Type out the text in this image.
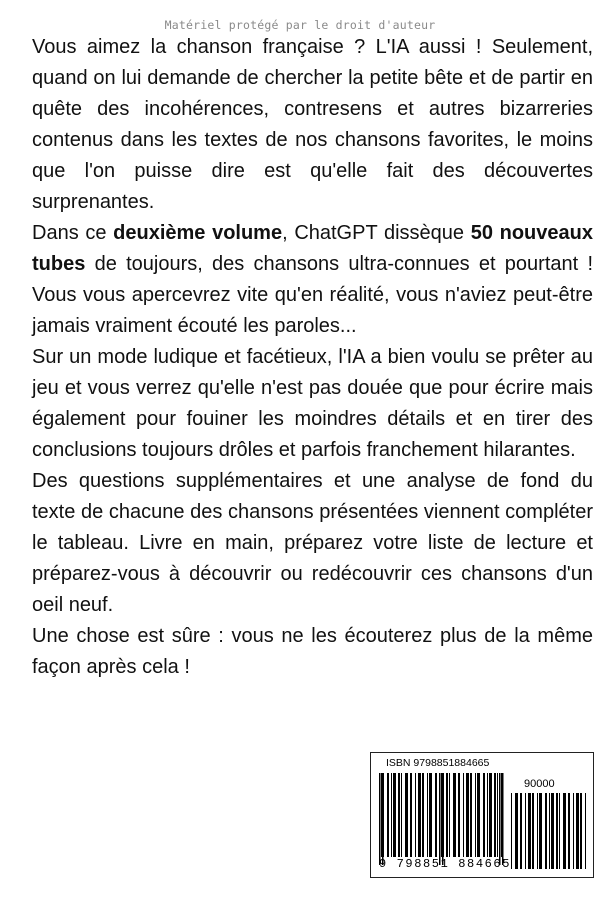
Matériel protégé par le droit d'auteur

Vous aimez la chanson française ? L'IA aussi ! Seulement, quand on lui demande de chercher la petite bête et de partir en quête des incohérences, contresens et autres bizarreries contenus dans les textes de nos chansons favorites, le moins que l'on puisse dire est qu'elle fait des découvertes surprenantes.

Dans ce deuxième volume, ChatGPT dissèque 50 nouveaux tubes de toujours, des chansons ultra-connues et pourtant ! Vous vous apercevrez vite qu'en réalité, vous n'aviez peut-être jamais vraiment écouté les paroles...

Sur un mode ludique et facétieux, l'IA a bien voulu se prêter au jeu et vous verrez qu'elle n'est pas douée que pour écrire mais également pour fouiner les moindres détails et en tirer des conclusions toujours drôles et parfois franchement hilarantes.

Des questions supplémentaires et une analyse de fond du texte de chacune des chansons présentées viennent compléter le tableau. Livre en main, préparez votre liste de lecture et préparez-vous à découvrir ou redécouvrir ces chansons d'un oeil neuf.

Une chose est sûre : vous ne les écouterez plus de la même façon après cela !

ISBN 9798851884665
90000
9 798851 884665
